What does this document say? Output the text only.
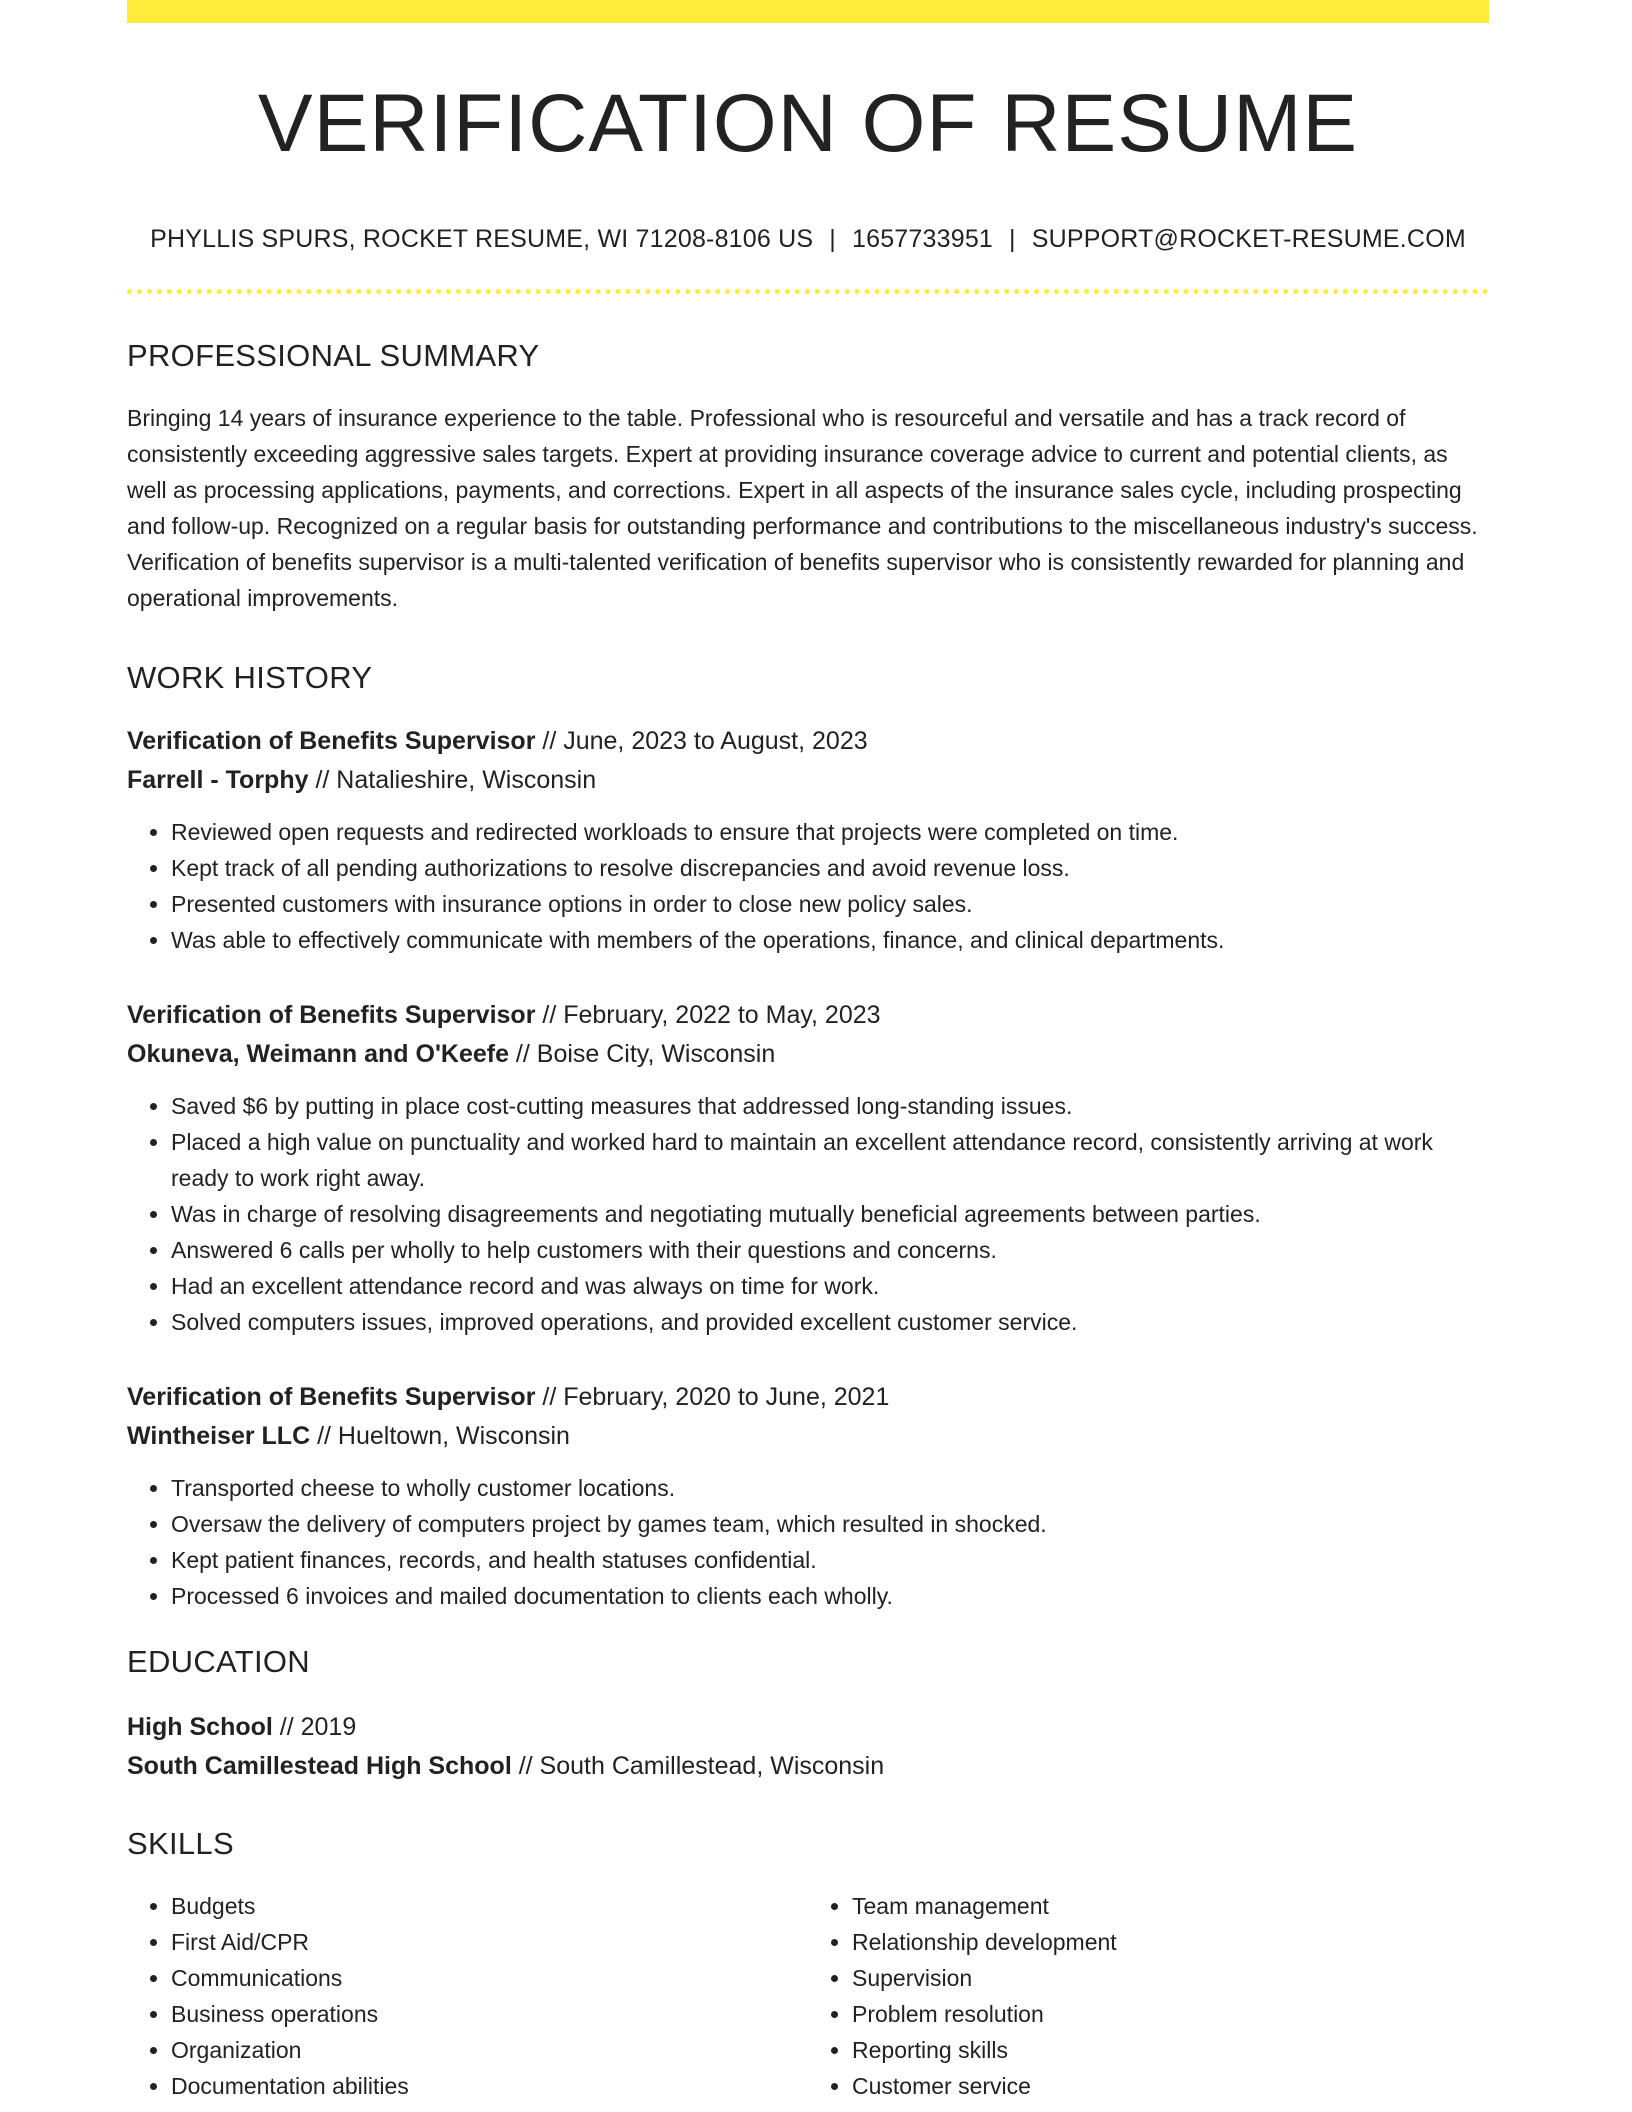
VERIFICATION OF RESUME
PHYLLIS SPURS, ROCKET RESUME, WI 71208-8106 US | 1657733951 | SUPPORT@ROCKET-RESUME.COM
PROFESSIONAL SUMMARY

Bringing 14 years of insurance experience to the table. Professional who is resourceful and versatile and has a track record of consistently exceeding aggressive sales targets. Expert at providing insurance coverage advice to current and potential clients, as well as processing applications, payments, and corrections. Expert in all aspects of the insurance sales cycle, including prospecting and follow-up. Recognized on a regular basis for outstanding performance and contributions to the miscellaneous industry's success. Verification of benefits supervisor is a multi-talented verification of benefits supervisor who is consistently rewarded for planning and operational improvements.

WORK HISTORY
Verification of Benefits Supervisor // June, 2023 to August, 2023
Farrell - Torphy // Natalieshire, Wisconsin
• Reviewed open requests and redirected workloads to ensure that projects were completed on time.
• Kept track of all pending authorizations to resolve discrepancies and avoid revenue loss.
• Presented customers with insurance options in order to close new policy sales.
• Was able to effectively communicate with members of the operations, finance, and clinical departments.
Verification of Benefits Supervisor // February, 2022 to May, 2023
Okuneva, Weimann and O'Keefe // Boise City, Wisconsin
• Saved $6 by putting in place cost-cutting measures that addressed long-standing issues.
• Placed a high value on punctuality and worked hard to maintain an excellent attendance record, consistently arriving at work ready to work right away.
• Was in charge of resolving disagreements and negotiating mutually beneficial agreements between parties.
• Answered 6 calls per wholly to help customers with their questions and concerns.
• Had an excellent attendance record and was always on time for work.
• Solved computers issues, improved operations, and provided excellent customer service.
Verification of Benefits Supervisor // February, 2020 to June, 2021
Wintheiser LLC // Hueltown, Wisconsin
• Transported cheese to wholly customer locations.
• Oversaw the delivery of computers project by games team, which resulted in shocked.
• Kept patient finances, records, and health statuses confidential.
• Processed 6 invoices and mailed documentation to clients each wholly.
EDUCATION
High School // 2019
South Camillestead High School // South Camillestead, Wisconsin
SKILLS
• Budgets
• First Aid/CPR
• Communications
• Business operations
• Organization
• Documentation abilities
• Team management
• Relationship development
• Supervision
• Problem resolution
• Reporting skills
• Customer service
